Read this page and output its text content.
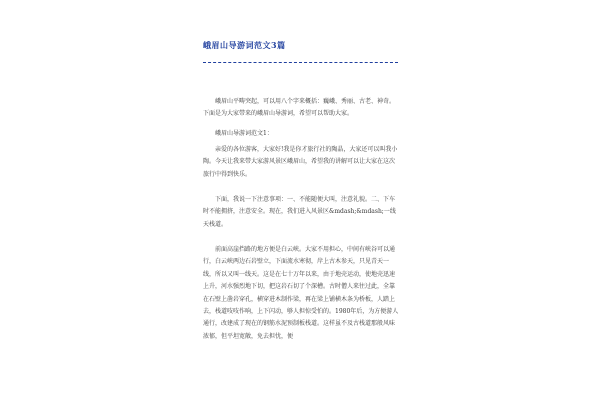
峨眉山导游词范文3篇

峨眉山平畴突起，可以用八个字来概括：巍峨、秀丽、古老、神奇。下面是为大家带来的峨眉山导游词，希望可以帮助大家。

峨眉山导游词范文1：

亲爱的各位游客，大家好!我是你才旅行社的陶晶，大家还可以叫我小陶。今天让我来带大家游风景区峨眉山，希望我的讲解可以让大家在这次旅行中得到快乐。

下面，我说一下注意事项：一、不能随便大叫，注意礼貌。二、下车时不能拥挤，注意安全。现在，我们进入风景区&mdash;&mdash;一线天栈道。

前面高崖挡路的地方便是白云峡。大家不用担心，中间有峡谷可以通行，白云峡两边石岩壁立，下面流水寒彻，岸上古木参天，只见青天一线，所以又叫一线天。这是在七十万年以来，由于地壳运动，使地壳迅速上升，河水强烈地下切，把这岩石切了个深槽。古时僧人来往过此，全靠在石壁上凿岩穿孔，横穿进木制作梁，再在梁上铺横木条为桥板，人踏上去，栈道吱吱作响，上下闪动，够人担惊受怕的。1980年后，为方便游人通行，改建成了现在的钢筋水泥预制板栈道。这样虽不及古栈道那般风味浓郁，但平坦宽敞，免去担忧，便
